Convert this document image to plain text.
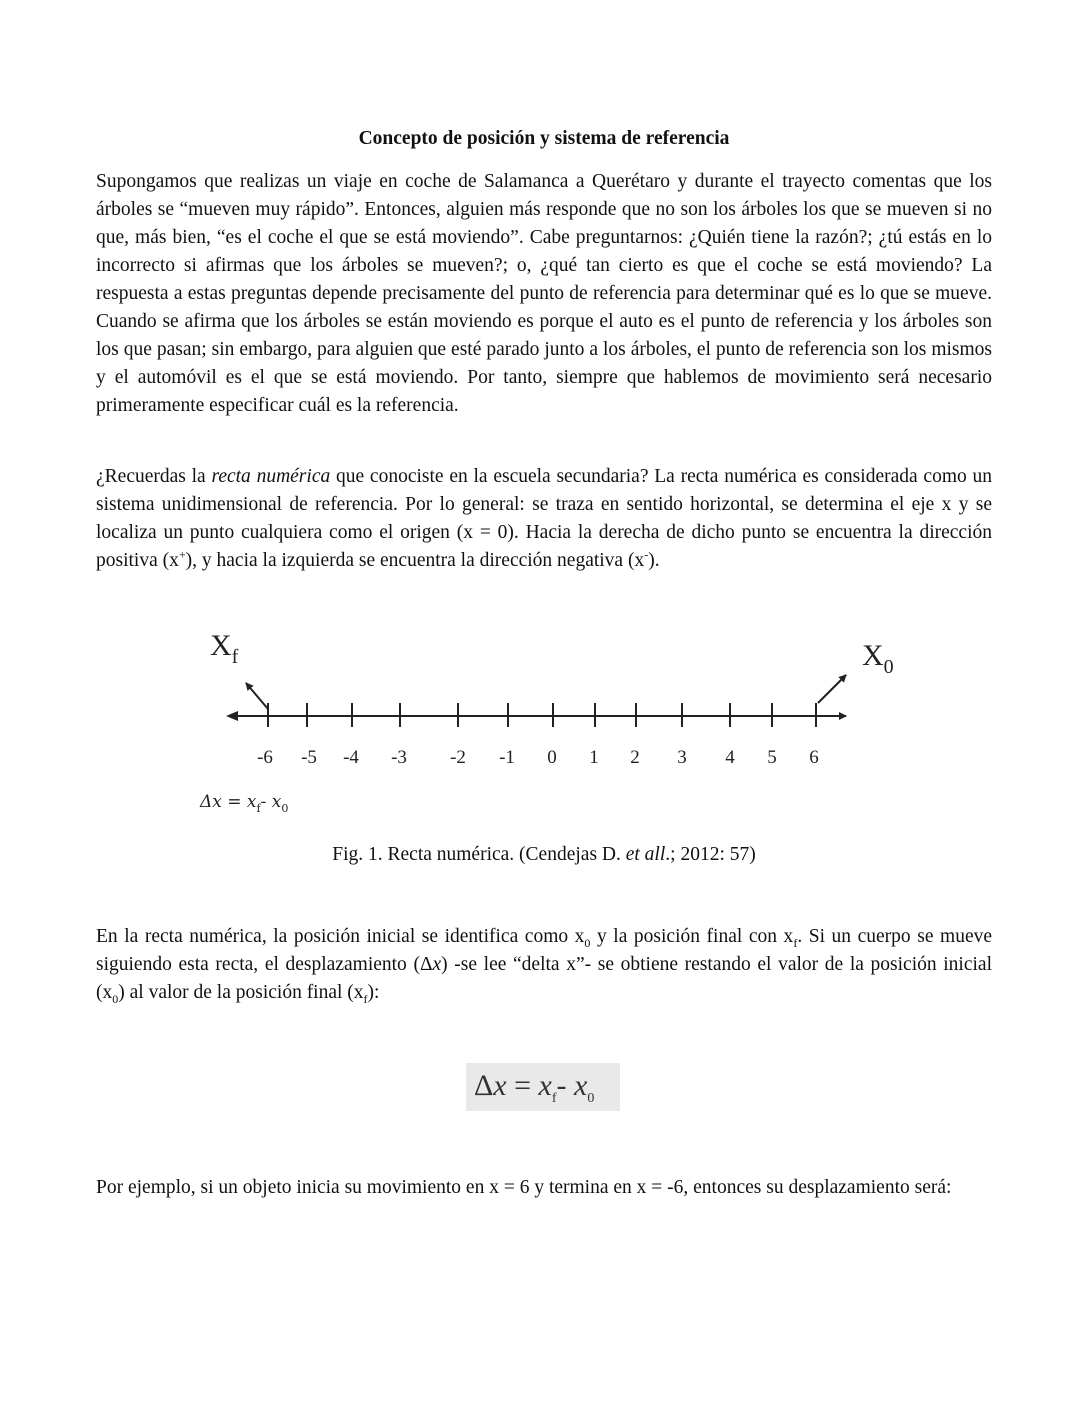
Concepto de posición y sistema de referencia
Supongamos que realizas un viaje en coche de Salamanca a Querétaro y durante el trayecto comentas que los árboles se “mueven muy rápido”. Entonces, alguien más responde que no son los árboles los que se mueven si no que, más bien, “es el coche el que se está moviendo”. Cabe preguntarnos: ¿Quién tiene la razón?; ¿tú estás en lo incorrecto si afirmas que los árboles se mueven?; o, ¿qué tan cierto es que el coche se está moviendo? La respuesta a estas preguntas depende precisamente del punto de referencia para determinar qué es lo que se mueve. Cuando se afirma que los árboles se están moviendo es porque el auto es el punto de referencia y los árboles son los que pasan; sin embargo, para alguien que esté parado junto a los árboles, el punto de referencia son los mismos y el automóvil es el que se está moviendo. Por tanto, siempre que hablemos de movimiento será necesario primeramente especificar cuál es la referencia.
¿Recuerdas la recta numérica que conociste en la escuela secundaria? La recta numérica es considerada como un sistema unidimensional de referencia. Por lo general: se traza en sentido horizontal, se determina el eje x y se localiza un punto cualquiera como el origen (x = 0). Hacia la derecha de dicho punto se encuentra la dirección positiva (x+), y hacia la izquierda se encuentra la dirección negativa (x-).
$X_f$	$X_0$
-6 -5 -4 -3 -2 -1 0 1 2 3 4 5 6
$\Delta x = x_f-$ $x_0$
Fig. 1. Recta numérica. (Cendejas D. et all.; 2012: 57)
En la recta numérica, la posición inicial se identifica como $x_0$ y la posición final con $x_f$. Si un cuerpo se mueve siguiendo esta recta, el desplazamiento (Δx) -se lee “delta x”- se obtiene restando el valor de la posición inicial $(x_0)$ al valor de la posición final $(x_f)$:
$\Delta x = x_f-$ $x_0$
Por ejemplo, si un objeto inicia su movimiento en x = 6 y termina en x = -6, entonces su desplazamiento será:
